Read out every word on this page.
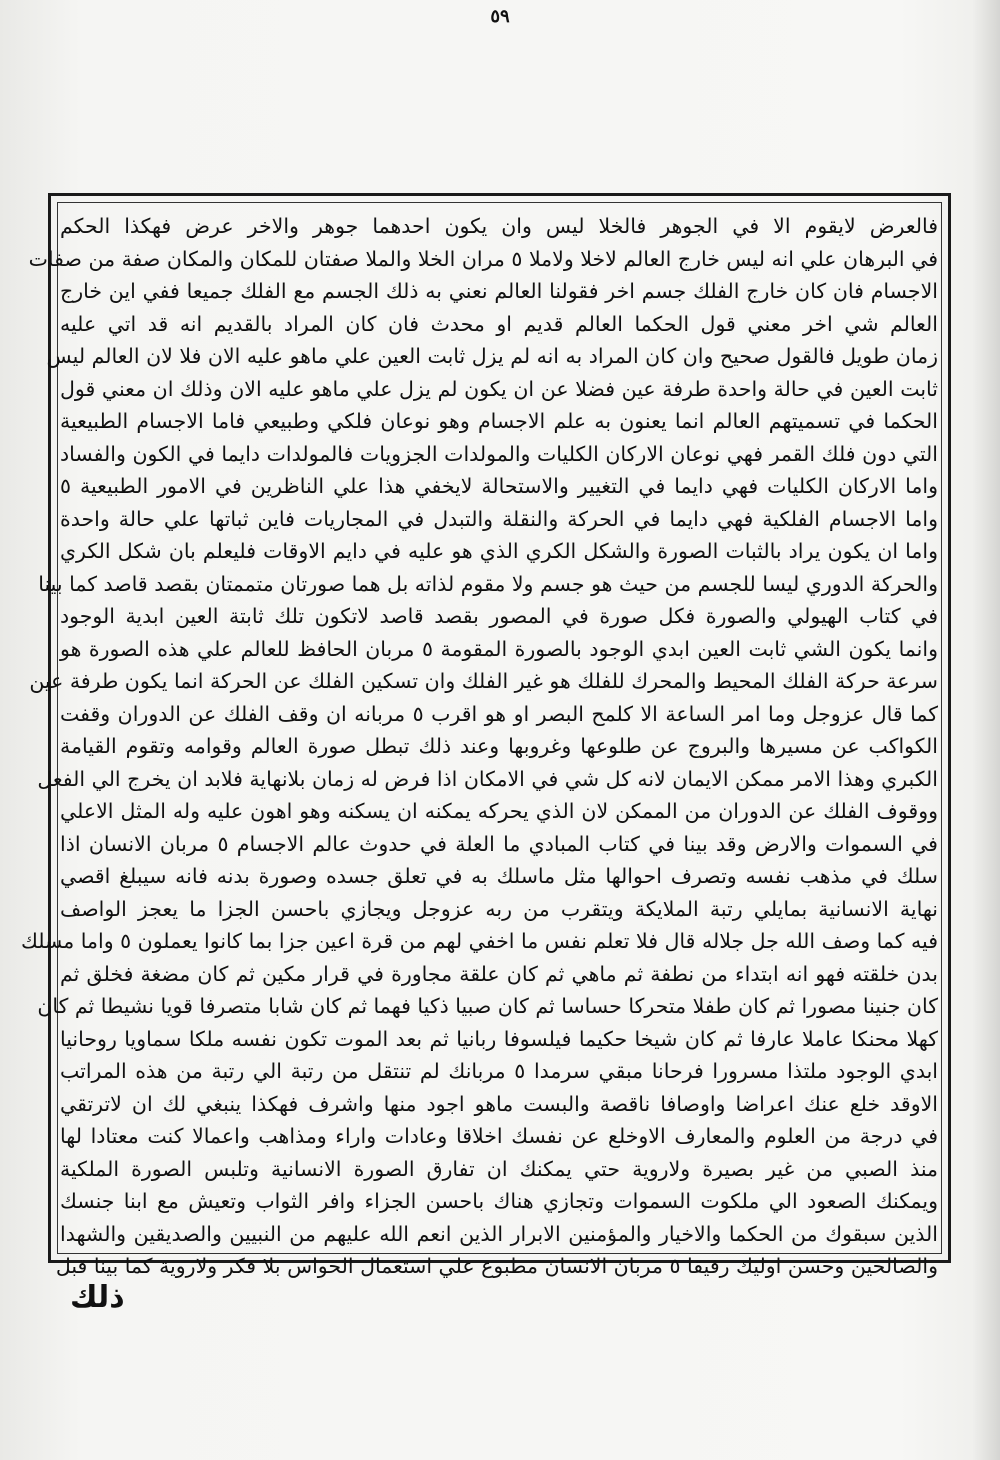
٥٩
فالعرض لايقوم الا في الجوهر فالخلا ليس وان يكون احدهما جوهر والاخر عرض فهكذا الحكم
في البرهان علي انه ليس خارج العالم لاخلا ولاملا ٥ مران الخلا والملا صفتان للمكان والمكان صفة من صفات
الاجسام فان كان خارج الفلك جسم اخر فقولنا العالم نعني به ذلك الجسم مع الفلك جميعا ففي اين خارج
العالم شي اخر معني قول الحكما العالم قديم او محدث فان كان المراد بالقديم انه قد اتي عليه
زمان طويل فالقول صحيح وان كان المراد به انه لم يزل ثابت العين علي ماهو عليه الان فلا لان العالم ليس
ثابت العين في حالة واحدة طرفة عين فضلا عن ان يكون لم يزل علي ماهو عليه الان وذلك ان معني قول
الحكما في تسميتهم العالم انما يعنون به علم الاجسام وهو نوعان فلكي وطبيعي فاما الاجسام الطبيعية
التي دون فلك القمر فهي نوعان الاركان الكليات والمولدات الجزويات فالمولدات دايما في الكون والفساد
واما الاركان الكليات فهي دايما في التغيير والاستحالة لايخفي هذا علي الناظرين في الامور الطبيعية ٥
واما الاجسام الفلكية فهي دايما في الحركة والنقلة والتبدل في المجاريات فاين ثباتها علي حالة واحدة
واما ان يكون يراد بالثبات الصورة والشكل الكري الذي هو عليه في دايم الاوقات فليعلم بان شكل الكري
والحركة الدوري ليسا للجسم من حيث هو جسم ولا مقوم لذاته بل هما صورتان متممتان بقصد قاصد كما بينا
في كتاب الهيولي والصورة فكل صورة في المصور بقصد قاصد لاتكون تلك ثابتة العين ابدية الوجود
وانما يكون الشي ثابت العين ابدي الوجود بالصورة المقومة ٥ مربان الحافظ للعالم علي هذه الصورة هو
سرعة حركة الفلك المحيط والمحرك للفلك هو غير الفلك وان تسكين الفلك عن الحركة انما يكون طرفة عين
كما قال عزوجل وما امر الساعة الا كلمح البصر او هو اقرب ٥ مربانه ان وقف الفلك عن الدوران وقفت
الكواكب عن مسيرها والبروج عن طلوعها وغروبها وعند ذلك تبطل صورة العالم وقوامه وتقوم القيامة
الكبري وهذا الامر ممكن الايمان لانه كل شي في الامكان اذا فرض له زمان بلانهاية فلابد ان يخرج الي الفعل
ووقوف الفلك عن الدوران من الممكن لان الذي يحركه يمكنه ان يسكنه وهو اهون عليه وله المثل الاعلي
في السموات والارض وقد بينا في كتاب المبادي ما العلة في حدوث عالم الاجسام ٥ مربان الانسان اذا
سلك في مذهب نفسه وتصرف احوالها مثل ماسلك به في تعلق جسده وصورة بدنه فانه سيبلغ اقصي
نهاية الانسانية بمايلي رتبة الملايكة ويتقرب من ربه عزوجل ويجازي باحسن الجزا ما يعجز الواصف
فيه كما وصف الله جل جلاله قال فلا تعلم نفس ما اخفي لهم من قرة اعين جزا بما كانوا يعملون ٥ واما مسلك
بدن خلقته فهو انه ابتداء من نطفة ثم ماهي ثم كان علقة مجاورة في قرار مكين ثم كان مضغة فخلق ثم
كان جنينا مصورا ثم كان طفلا متحركا حساسا ثم كان صبيا ذكيا فهما ثم كان شابا متصرفا قويا نشيطا ثم كان
كهلا محنكا عاملا عارفا ثم كان شيخا حكيما فيلسوفا ربانيا ثم بعد الموت تكون نفسه ملكا سماويا روحانيا
ابدي الوجود ملتذا مسرورا فرحانا مبقي سرمدا ٥ مربانك لم تنتقل من رتبة الي رتبة من هذه المراتب
الاوقد خلع عنك اعراضا واوصافا ناقصة والبست ماهو اجود منها واشرف فهكذا ينبغي لك ان لاترتقي
في درجة من العلوم والمعارف الاوخلع عن نفسك اخلاقا وعادات واراء ومذاهب واعمالا كنت معتادا لها
منذ الصبي من غير بصيرة ولاروية حتي يمكنك ان تفارق الصورة الانسانية وتلبس الصورة الملكية
ويمكنك الصعود الي ملكوت السموات وتجازي هناك باحسن الجزاء وافر الثواب وتعيش مع ابنا جنسك
الذين سبقوك من الحكما والاخيار والمؤمنين الابرار الذين انعم الله عليهم من النبيين والصديقين والشهدا
والصالحين وحسن اوليك رفيقا ٥ مربان الانسان مطبوع علي استعمال الحواس بلا فكر ولاروية كما بينا قبل
ذلك
